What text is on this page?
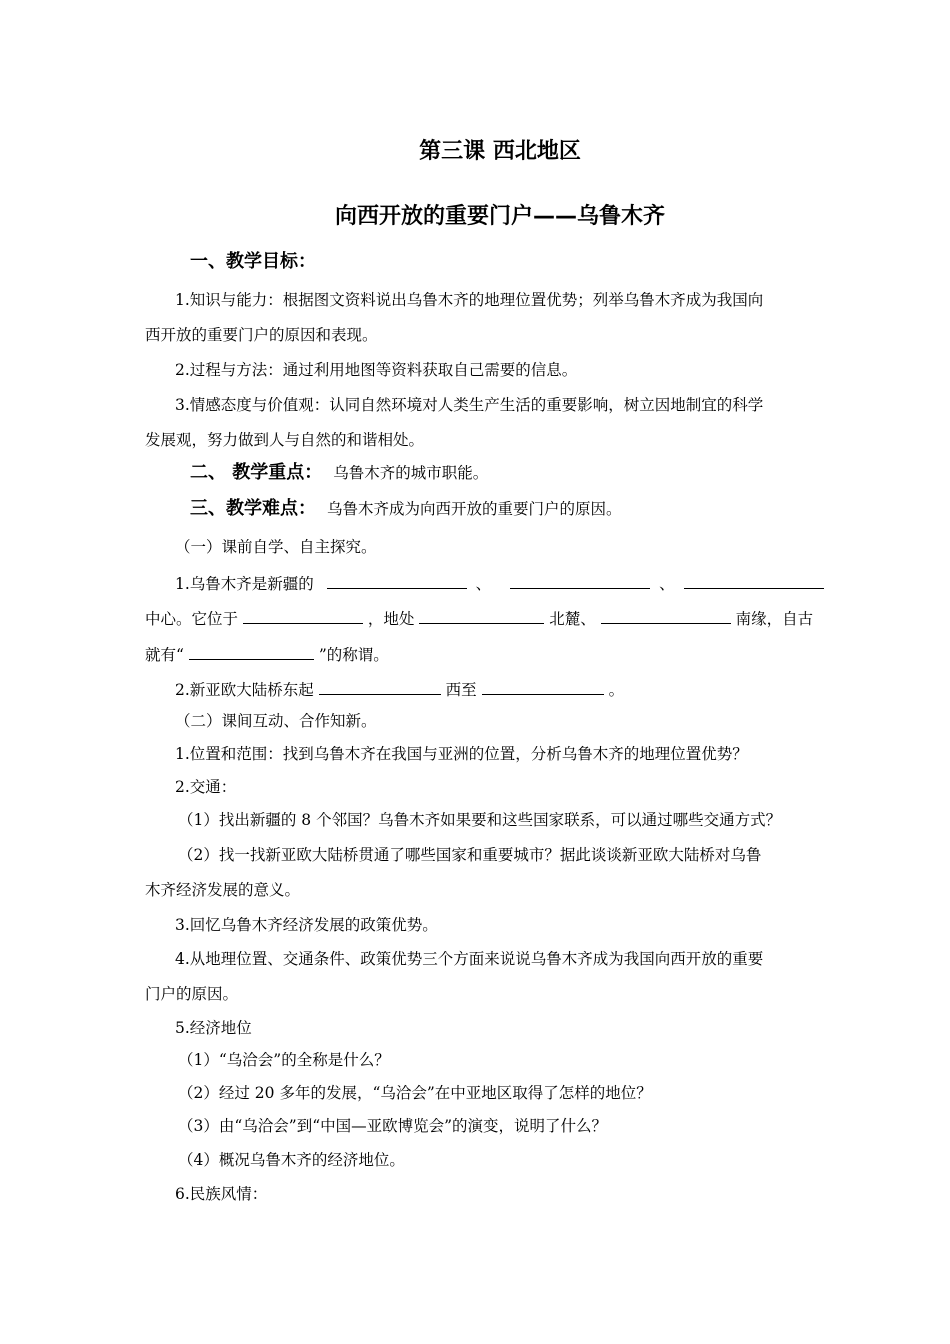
第三课 西北地区
向西开放的重要门户——乌鲁木齐
一、教学目标：
1.知识与能力：根据图文资料说出乌鲁木齐的地理位置优势；列举乌鲁木齐成为我国向
西开放的重要门户的原因和表现。
2.过程与方法：通过利用地图等资料获取自己需要的信息。
3.情感态度与价值观：认同自然环境对人类生产生活的重要影响，树立因地制宜的科学
发展观，努力做到人与自然的和谐相处。
二、 教学重点： 乌鲁木齐的城市职能。
三、教学难点： 乌鲁木齐成为向西开放的重要门户的原因。
（一）课前自学、自主探究。
1.乌鲁木齐是新疆的	、	、
中心。它位于	，地处	北麓、	南缘，自古
就有“	”的称谓。
2.新亚欧大陆桥东起	西至	。
（二）课间互动、合作知新。
1.位置和范围：找到乌鲁木齐在我国与亚洲的位置，分析乌鲁木齐的地理位置优势？
2.交通：
（1）找出新疆的 8 个邻国？乌鲁木齐如果要和这些国家联系，可以通过哪些交通方式？
（2）找一找新亚欧大陆桥贯通了哪些国家和重要城市？据此谈谈新亚欧大陆桥对乌鲁
木齐经济发展的意义。
3.回忆乌鲁木齐经济发展的政策优势。
4.从地理位置、交通条件、政策优势三个方面来说说乌鲁木齐成为我国向西开放的重要
门户的原因。
5.经济地位
（1）“乌洽会”的全称是什么？
（2）经过 20 多年的发展，“乌洽会”在中亚地区取得了怎样的地位？
（3）由“乌洽会”到“中国—亚欧博览会”的演变，说明了什么？
（4）概况乌鲁木齐的经济地位。
6.民族风情：
